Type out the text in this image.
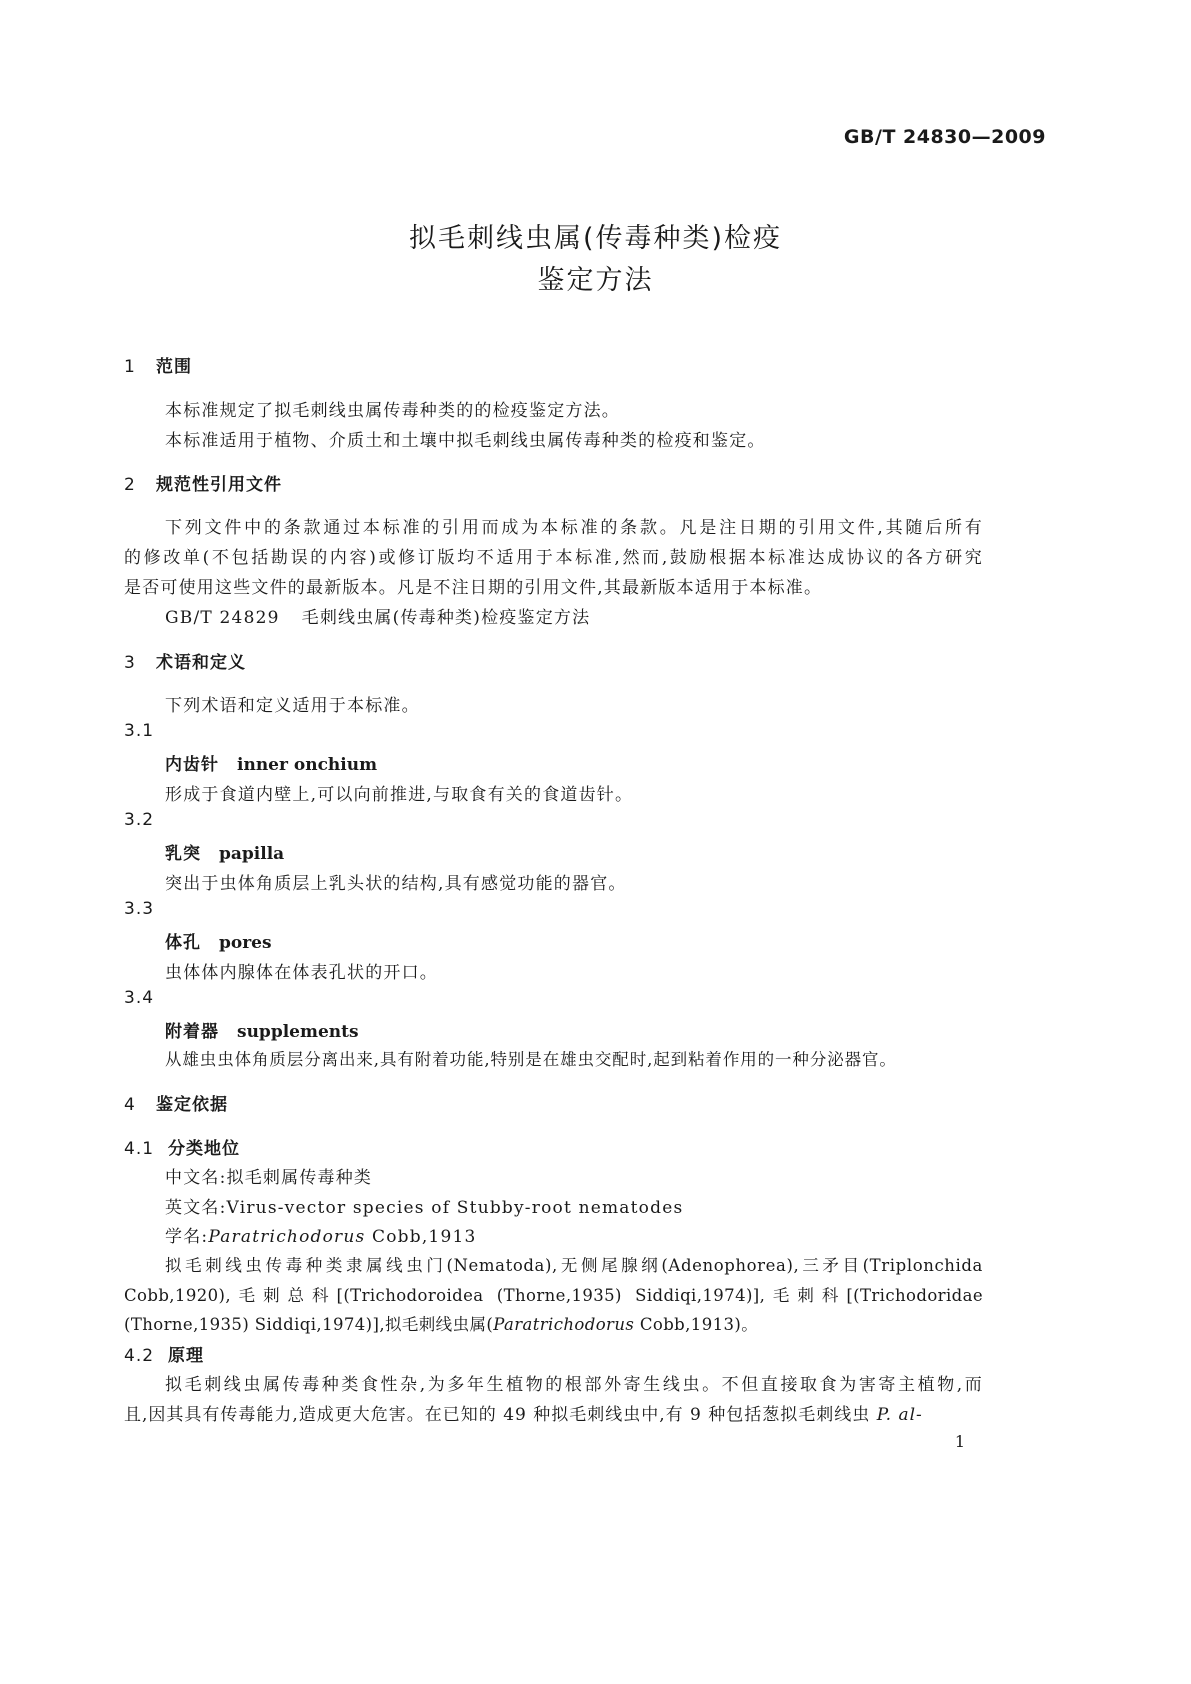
GB/T 24830—2009
拟毛刺线虫属(传毒种类)检疫
鉴定方法
1 范围
本标准规定了拟毛刺线虫属传毒种类的的检疫鉴定方法。
本标准适用于植物、介质土和土壤中拟毛刺线虫属传毒种类的检疫和鉴定。
2 规范性引用文件
下列文件中的条款通过本标准的引用而成为本标准的条款。凡是注日期的引用文件,其随后所有
的修改单(不包括勘误的内容)或修订版均不适用于本标准,然而,鼓励根据本标准达成协议的各方研究
是否可使用这些文件的最新版本。凡是不注日期的引用文件,其最新版本适用于本标准。
GB/T 24829 毛刺线虫属(传毒种类)检疫鉴定方法
3 术语和定义
下列术语和定义适用于本标准。
3.1
内齿针 inner onchium
形成于食道内壁上,可以向前推进,与取食有关的食道齿针。
3.2
乳突 papilla
突出于虫体角质层上乳头状的结构,具有感觉功能的器官。
3.3
体孔 pores
虫体体内腺体在体表孔状的开口。
3.4
附着器 supplements
从雄虫虫体角质层分离出来,具有附着功能,特别是在雄虫交配时,起到粘着作用的一种分泌器官。
4 鉴定依据
4.1 分类地位
中文名:拟毛刺属传毒种类
英文名:Virus-vector species of Stubby-root nematodes
学名:Paratrichodorus Cobb,1913
拟毛刺线虫传毒种类隶属线虫门(Nematoda),无侧尾腺纲(Adenophorea),三矛目(Triplonchida
Cobb,1920),毛刺总科[(Trichodoroidea (Thorne,1935) Siddiqi,1974)],毛刺科[(Trichodoridae
(Thorne,1935) Siddiqi,1974)],拟毛刺线虫属(Paratrichodorus Cobb,1913)。
4.2 原理
拟毛刺线虫属传毒种类食性杂,为多年生植物的根部外寄生线虫。不但直接取食为害寄主植物,而
且,因其具有传毒能力,造成更大危害。在已知的 49 种拟毛刺线虫中,有 9 种包括葱拟毛刺线虫 P. al-
1
